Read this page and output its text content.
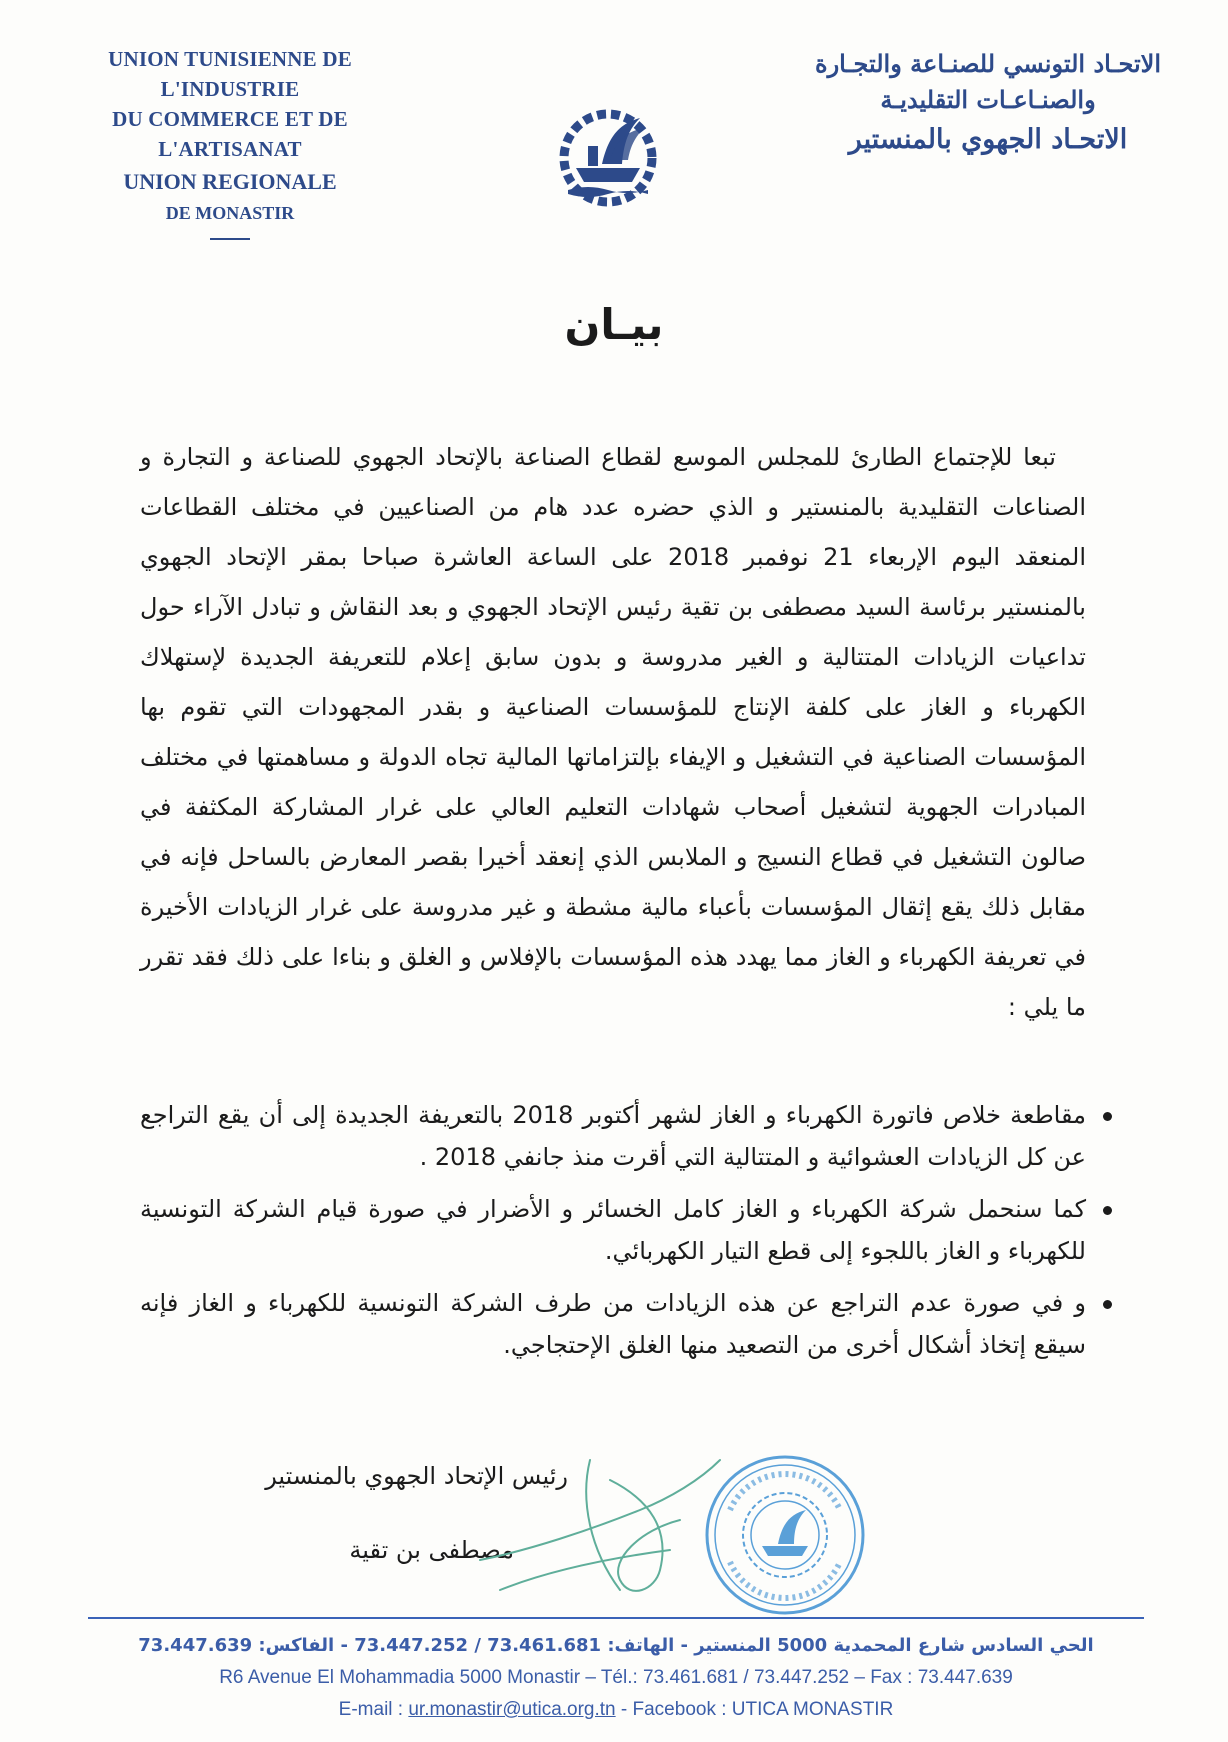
UNION TUNISIENNE DE L'INDUSTRIE
DU COMMERCE ET DE L'ARTISANAT
UNION REGIONALE
DE MONASTIR
الاتحـاد التونسي للصنـاعة والتجـارة
والصنـاعـات التقليديـة
الاتحـاد الجهوي بالمنستير
بيـان

تبعا للإجتماع الطارئ للمجلس الموسع لقطاع الصناعة بالإتحاد الجهوي للصناعة و التجارة و الصناعات التقليدية بالمنستير و الذي حضره عدد هام من الصناعيين في مختلف القطاعات المنعقد اليوم الإربعاء 21 نوفمبر 2018 على الساعة العاشرة صباحا بمقر الإتحاد الجهوي بالمنستير برئاسة السيد مصطفى بن تقية رئيس الإتحاد الجهوي و بعد النقاش و تبادل الآراء حول تداعيات الزيادات المتتالية و الغير مدروسة و بدون سابق إعلام للتعريفة الجديدة لإستهلاك الكهرباء و الغاز على كلفة الإنتاج للمؤسسات الصناعية و بقدر المجهودات التي تقوم بها المؤسسات الصناعية في التشغيل و الإيفاء بإلتزاماتها المالية تجاه الدولة و مساهمتها في مختلف المبادرات الجهوية لتشغيل أصحاب شهادات التعليم العالي على غرار المشاركة المكثفة في صالون التشغيل في قطاع النسيج و الملابس الذي إنعقد أخيرا بقصر المعارض بالساحل فإنه في مقابل ذلك يقع إثقال المؤسسات بأعباء مالية مشطة و غير مدروسة على غرار الزيادات الأخيرة في تعريفة الكهرباء و الغاز مما يهدد هذه المؤسسات بالإفلاس و الغلق و بناءا على ذلك فقد تقرر ما يلي :

مقاطعة خلاص فاتورة الكهرباء و الغاز لشهر أكتوبر 2018 بالتعريفة الجديدة إلى أن يقع التراجع عن كل الزيادات العشوائية و المتتالية التي أقرت منذ جانفي 2018 .
كما سنحمل شركة الكهرباء و الغاز كامل الخسائر و الأضرار في صورة قيام الشركة التونسية للكهرباء و الغاز باللجوء إلى قطع التيار الكهربائي.
و في صورة عدم التراجع عن هذه الزيادات من طرف الشركة التونسية للكهرباء و الغاز فإنه سيقع إتخاذ أشكال أخرى من التصعيد منها الغلق الإحتجاجي.
رئيس الإتحاد الجهوي بالمنستير
مصطفى بن تقية
الحي السادس شارع المحمدية 5000 المنستير - الهاتف: 73.461.681 / 73.447.252 - الفاكس: 73.447.639
R6 Avenue El Mohammadia 5000 Monastir – Tél.: 73.461.681 / 73.447.252 – Fax : 73.447.639
E-mail : ur.monastir@utica.org.tn - Facebook : UTICA MONASTIR
